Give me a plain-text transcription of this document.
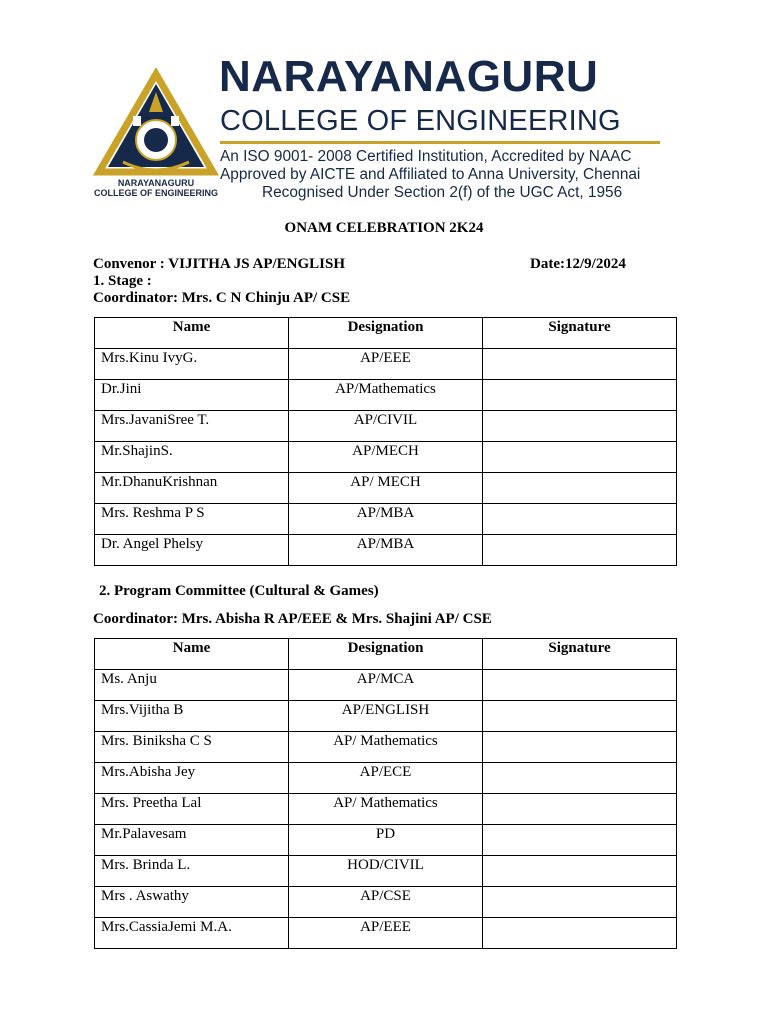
NARAYANAGURU
COLLEGE OF ENGINEERING
NARAYANAGURU
COLLEGE OF ENGINEERING
An ISO 9001- 2008 Certified Institution, Accredited by NAAC
Approved by AICTE and Affiliated to Anna University, Chennai
Recognised Under Section 2(f) of the UGC Act, 1956
ONAM CELEBRATION 2K24
Convenor : VIJITHA JS AP/ENGLISH	Date:12/9/2024
1. Stage :
Coordinator: Mrs. C N Chinju AP/ CSE
Name	Designation	Signature

Mrs.Kinu IvyG.	AP/EEE	

Dr.Jini	AP/Mathematics	

Mrs.JavaniSree T.	AP/CIVIL	

Mr.ShajinS.	AP/MECH	

Mr.DhanuKrishnan	AP/ MECH	

Mrs. Reshma P S	AP/MBA	

Dr. Angel Phelsy	AP/MBA	

2. Program Committee (Cultural & Games)
Coordinator: Mrs. Abisha R AP/EEE & Mrs. Shajini AP/ CSE
Name	Designation	Signature

Ms. Anju	AP/MCA	

Mrs.Vijitha B	AP/ENGLISH	

Mrs. Biniksha C S	AP/ Mathematics	

Mrs.Abisha Jey	AP/ECE	

Mrs. Preetha Lal	AP/ Mathematics	

Mr.Palavesam	PD	

Mrs. Brinda L.	HOD/CIVIL	

Mrs . Aswathy	AP/CSE	

Mrs.CassiaJemi M.A.	AP/EEE	
